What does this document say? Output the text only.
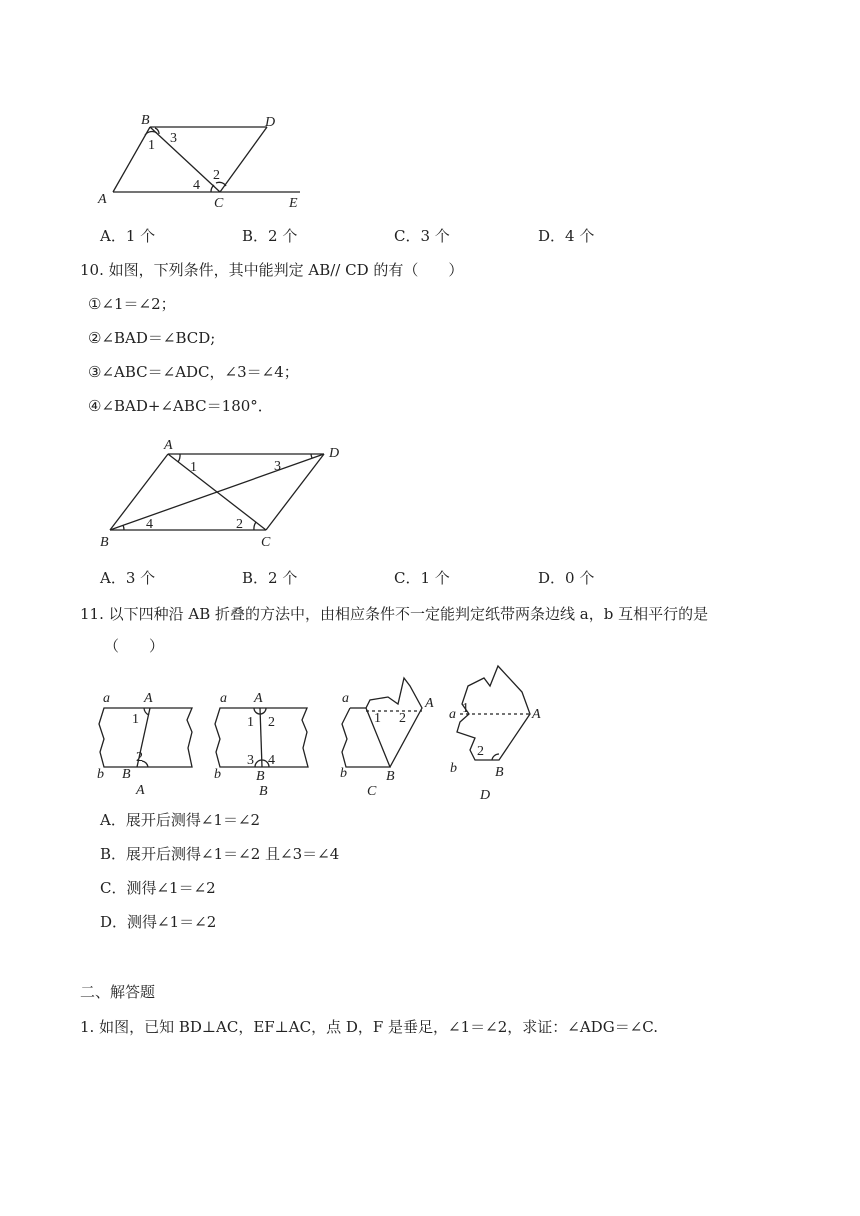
A
B
C
D
E
1
2
3
4
A．1 个	B．2 个	C．3 个	D．4 个
10. 如图，下列条件，其中能判定 AB// CD 的有（　　）
①∠1＝∠2；
②∠BAD＝∠BCD;
③∠ABC＝∠ADC，∠3＝∠4；
④∠BAD+∠ABC＝180°．
A
B	C
D
1
2
3
4
A．3 个	B．2 个	C．1 个	D．0 个
11. 以下四种沿 AB 折叠的方法中，由相应条件不一定能判定纸带两条边线 a，b 互相平行的是
（　　）
a A
1
2
b B
A
a A
1 2
3 4
b	B
B
a	A
1 2
b	B
C
a	A
1
2
b	B
D
A．展开后测得∠1＝∠2
B．展开后测得∠1＝∠2 且∠3＝∠4
C．测得∠1＝∠2
D．测得∠1＝∠2
二、解答题
1. 如图，已知 BD⊥AC，EF⊥AC，点 D，F 是垂足，∠1＝∠2，求证：∠ADG＝∠C.
